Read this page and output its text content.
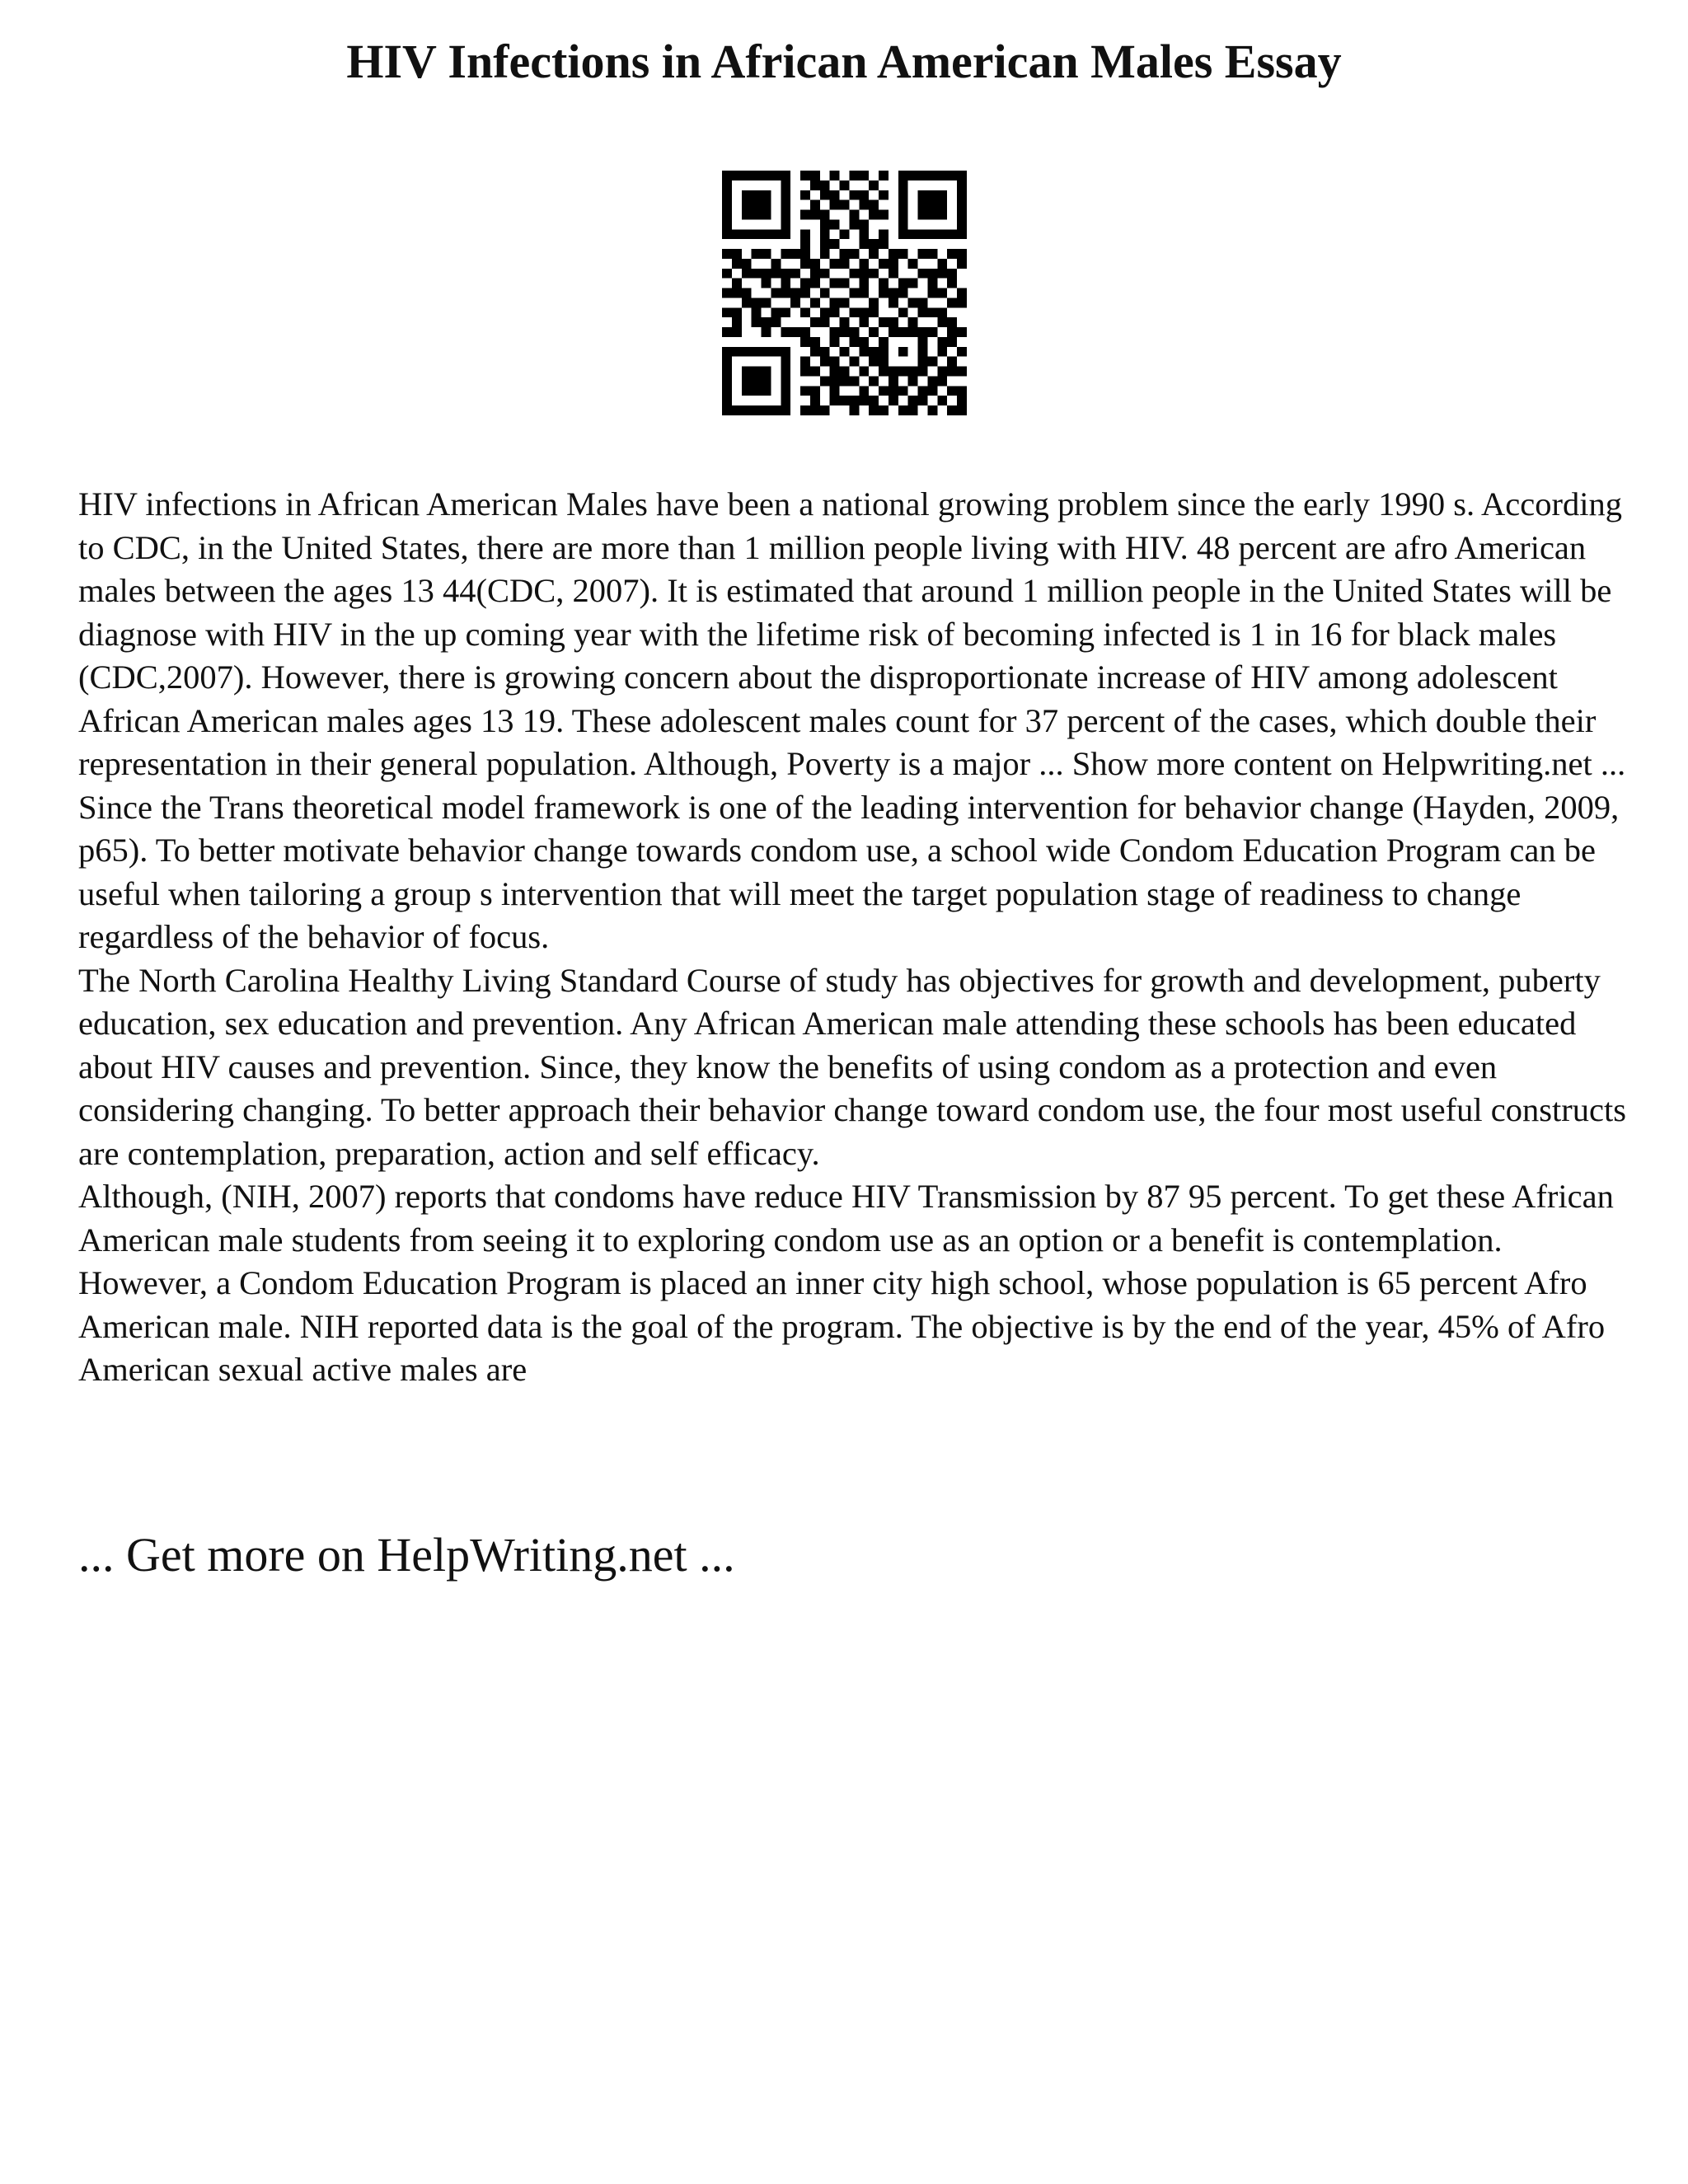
HIV Infections in African American Males Essay

HIV infections in African American Males have been a national growing problem since the early 1990 s. According to CDC, in the United States, there are more than 1 million people living with HIV. 48 percent are afro American males between the ages 13 44(CDC, 2007). It is estimated that around 1 million people in the United States will be diagnose with HIV in the up coming year with the lifetime risk of becoming infected is 1 in 16 for black males (CDC,2007). However, there is growing concern about the disproportionate increase of HIV among adolescent African American males ages 13 19. These adolescent males count for 37 percent of the cases, which double their representation in their general population. Although, Poverty is a major ... Show more content on Helpwriting.net ...

Since the Trans theoretical model framework is one of the leading intervention for behavior change (Hayden, 2009, p65). To better motivate behavior change towards condom use, a school wide Condom Education Program can be useful when tailoring a group s intervention that will meet the target population stage of readiness to change regardless of the behavior of focus.

The North Carolina Healthy Living Standard Course of study has objectives for growth and development, puberty education, sex education and prevention. Any African American male attending these schools has been educated about HIV causes and prevention. Since, they know the benefits of using condom as a protection and even considering changing. To better approach their behavior change toward condom use, the four most useful constructs are contemplation, preparation, action and self efficacy.

Although, (NIH, 2007) reports that condoms have reduce HIV Transmission by 87 95 percent. To get these African American male students from seeing it to exploring condom use as an option or a benefit is contemplation. However, a Condom Education Program is placed an inner city high school, whose population is 65 percent Afro American male. NIH reported data is the goal of the program. The objective is by the end of the year, 45% of Afro American sexual active males are

... Get more on HelpWriting.net ...
